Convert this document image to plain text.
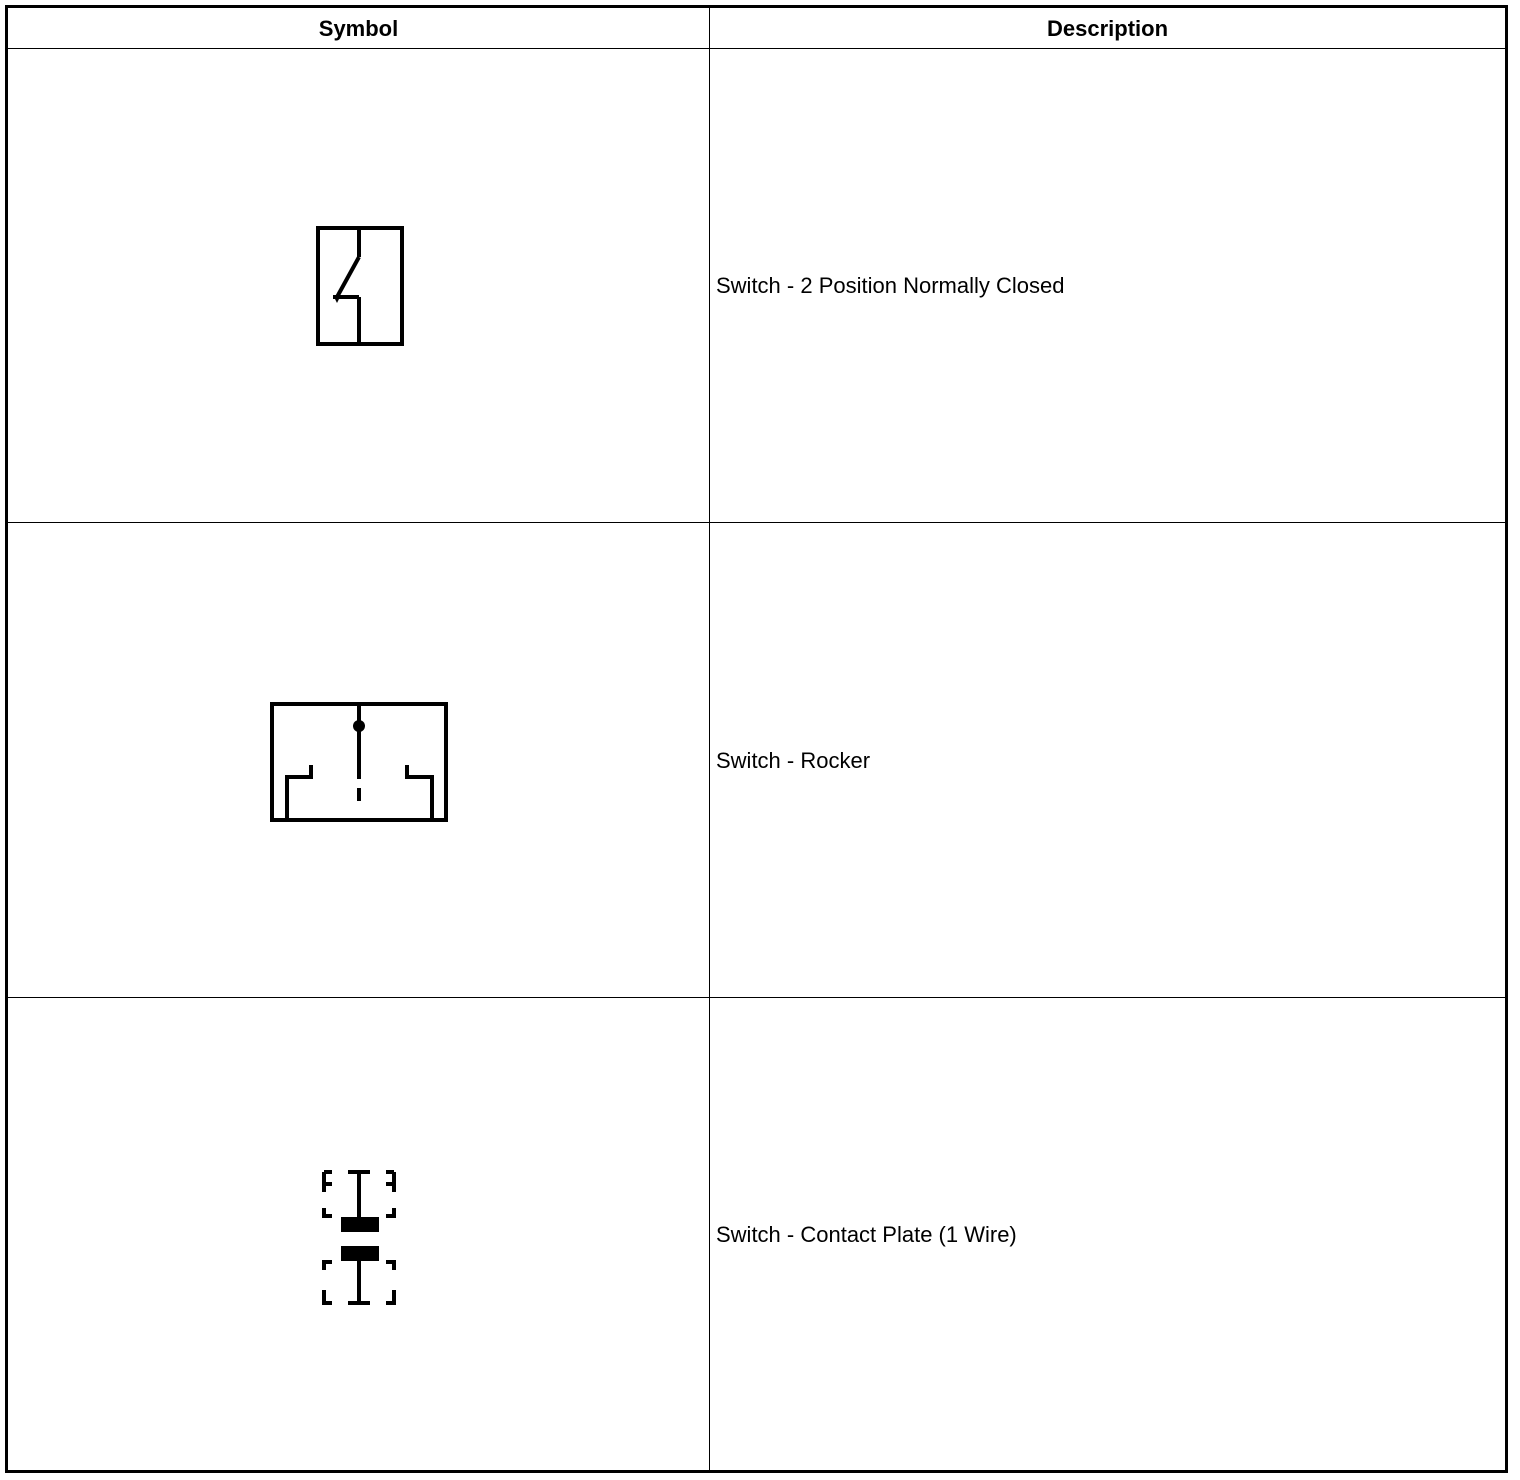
Symbol	Description
Switch - 2 Position Normally Closed
Switch - Rocker
Switch - Contact Plate (1 Wire)
